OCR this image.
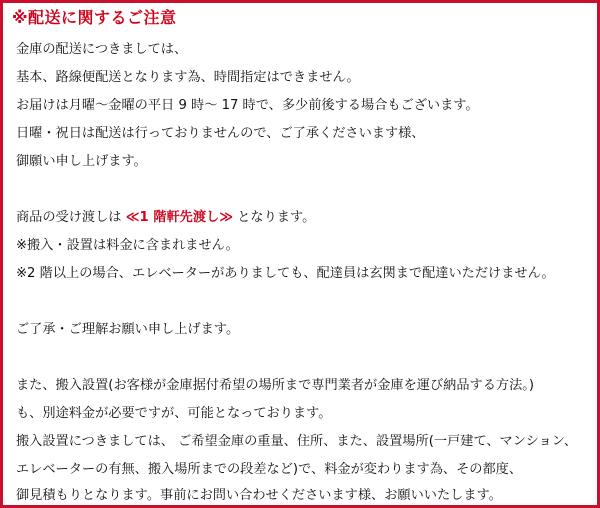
※配送に関するご注意
金庫の配送につきましては、
基本、路線便配送となります為、時間指定はできません。
お届けは月曜～金曜の平日 9 時～ 17 時で、多少前後する場合もございます。
日曜・祝日は配送は行っておりませんので、ご了承くださいます様、
御願い申し上げます。
商品の受け渡しは ≪1 階軒先渡し≫ となります。
※搬入・設置は料金に含まれません。
※2 階以上の場合、エレベーターがありましても、配達員は玄関まで配達いただけません。
ご了承・ご理解お願い申し上げます。
また、搬入設置(お客様が金庫据付希望の場所まで専門業者が金庫を運び納品する方法。)
も、別途料金が必要ですが、可能となっております。
搬入設置につきましては、 ご希望金庫の重量、住所、また、設置場所(一戸建て、マンション、
エレベーターの有無、搬入場所までの段差など)で、料金が変わります為、その都度、
御見積もりとなります。事前にお問い合わせくださいます様、お願いいたします。
